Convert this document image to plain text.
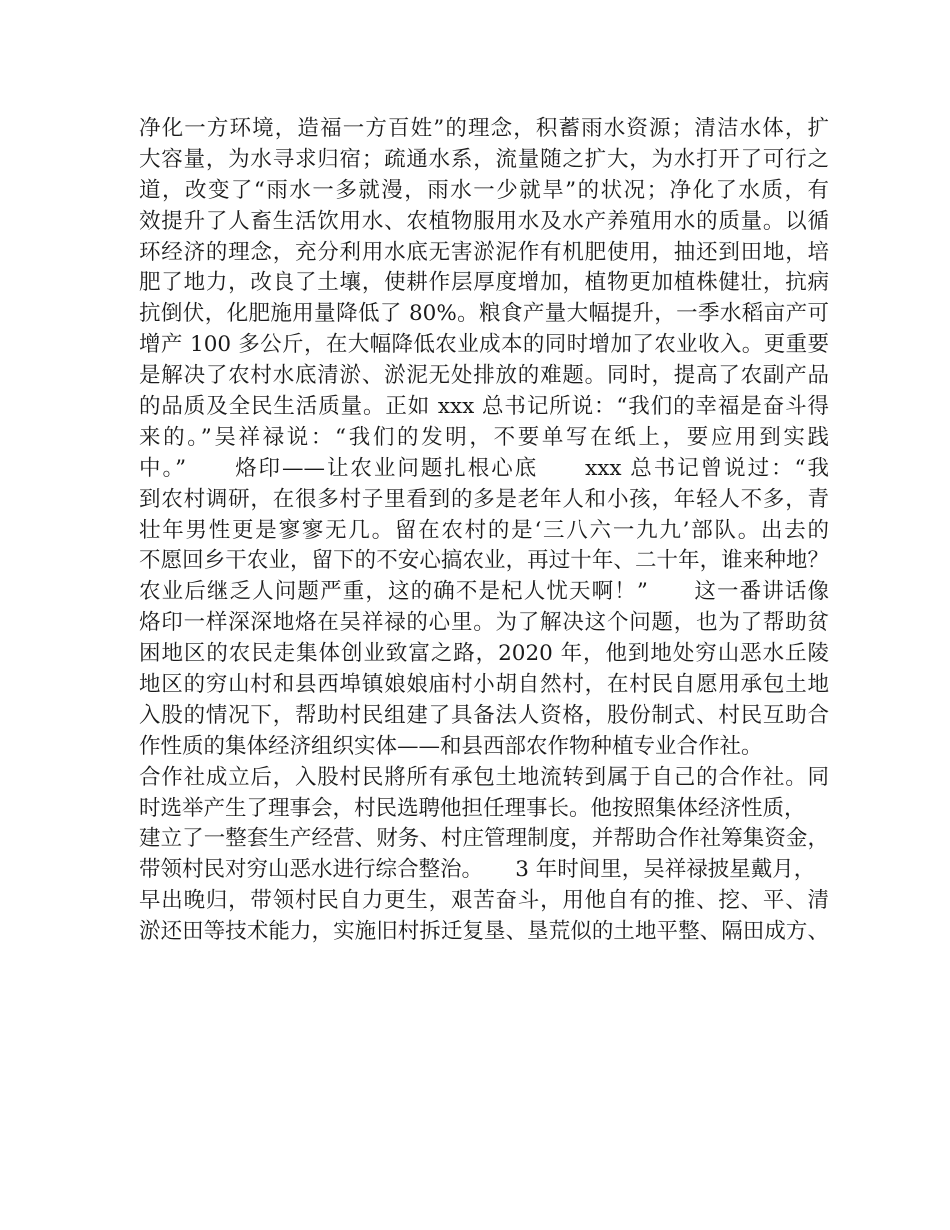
净化一方环境，造福一方百姓”的理念，积蓄雨水资源；清洁水体，扩
大容量，为水寻求归宿；疏通水系，流量随之扩大，为水打开了可行之
道，改变了“雨水一多就漫，雨水一少就旱”的状况；净化了水质，有
效提升了人畜生活饮用水、农植物服用水及水产养殖用水的质量。以循
环经济的理念，充分利用水底无害淤泥作有机肥使用，抽还到田地，培
肥了地力，改良了土壤，使耕作层厚度增加，植物更加植株健壮，抗病
抗倒伏，化肥施用量降低了 80%。粮食产量大幅提升，一季水稻亩产可
增产 100 多公斤，在大幅降低农业成本的同时增加了农业收入。更重要
是解决了农村水底清淤、淤泥无处排放的难题。同时，提高了农副产品
的品质及全民生活质量。正如 xxx 总书记所说：“我们的幸福是奋斗得
来的。”吴祥禄说：“我们的发明，不要单写在纸上，要应用到实践
中。”　　烙印——让农业问题扎根心底　　xxx 总书记曾说过：“我
到农村调研，在很多村子里看到的多是老年人和小孩，年轻人不多，青
壮年男性更是寥寥无几。留在农村的是‘三八六一九九’部队。出去的
不愿回乡干农业，留下的不安心搞农业，再过十年、二十年，谁来种地？
农业后继乏人问题严重，这的确不是杞人忧天啊！”　　这一番讲话像
烙印一样深深地烙在吴祥禄的心里。为了解决这个问题，也为了帮助贫
困地区的农民走集体创业致富之路，2020 年，他到地处穷山恶水丘陵
地区的穷山村和县西埠镇娘娘庙村小胡自然村，在村民自愿用承包土地
入股的情况下，帮助村民组建了具备法人资格，股份制式、村民互助合
作性质的集体经济组织实体——和县西部农作物种植专业合作社。
合作社成立后，入股村民將所有承包土地流转到属于自己的合作社。同
时选举产生了理事会，村民选聘他担任理事长。他按照集体经济性质，
建立了一整套生产经营、财务、村庄管理制度，并帮助合作社筹集资金，
带领村民对穷山恶水进行综合整治。　　3 年时间里，吴祥禄披星戴月，
早出晚归，带领村民自力更生，艰苦奋斗，用他自有的推、挖、平、清
淤还田等技术能力，实施旧村拆迁复垦、垦荒似的土地平整、隔田成方、
